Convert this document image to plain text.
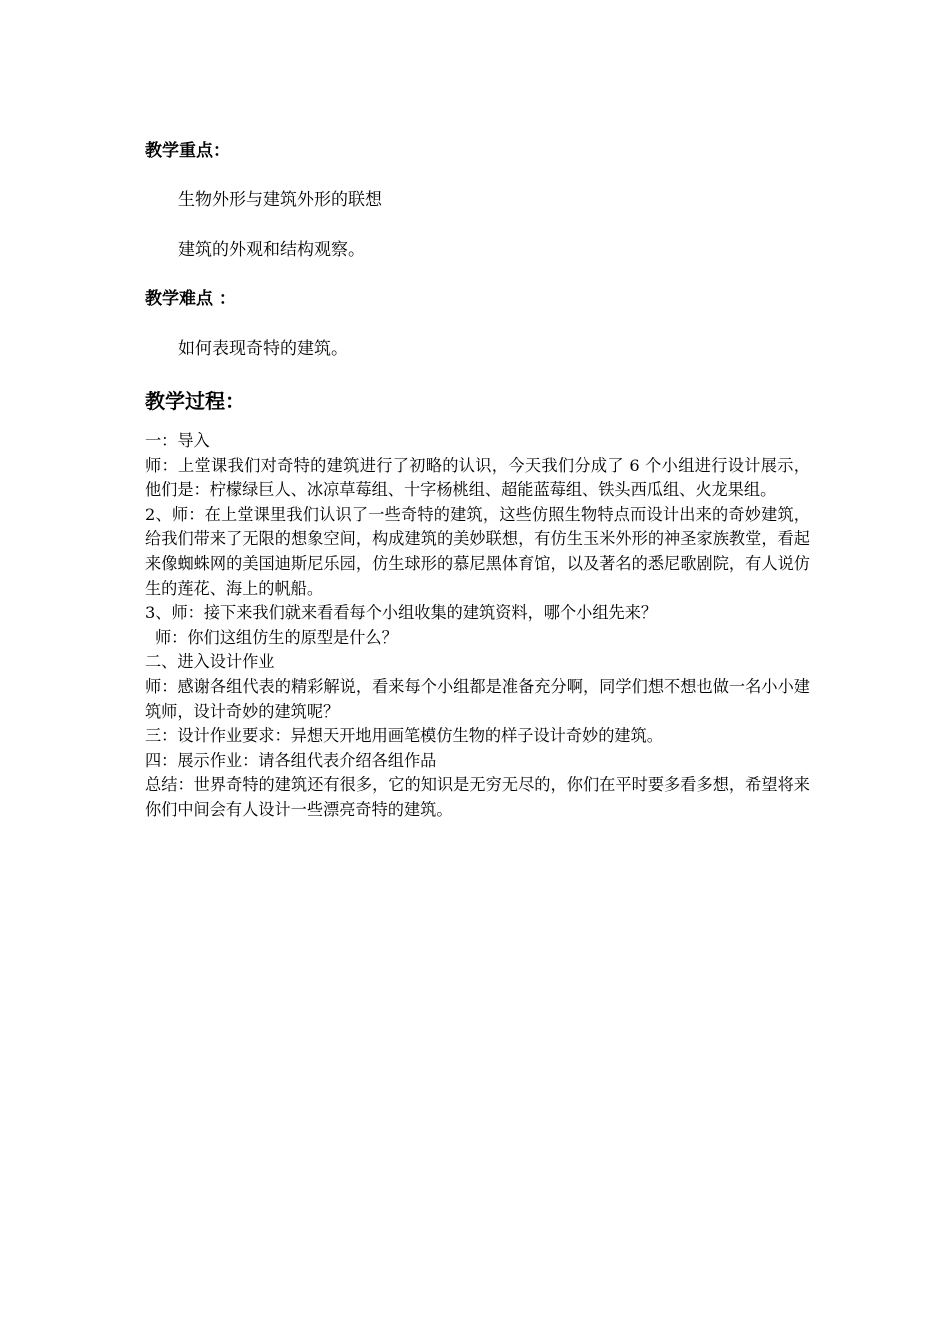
教学重点：

生物外形与建筑外形的联想

建筑的外观和结构观察。

教学难点 ：

如何表现奇特的建筑。

教学过程：

一：导入

师：上堂课我们对奇特的建筑进行了初略的认识，今天我们分成了 6 个小组进行设计展示，他们是：柠檬绿巨人、冰凉草莓组、十字杨桃组、超能蓝莓组、铁头西瓜组、火龙果组。

2、师：在上堂课里我们认识了一些奇特的建筑，这些仿照生物特点而设计出来的奇妙建筑，给我们带来了无限的想象空间，构成建筑的美妙联想，有仿生玉米外形的神圣家族教堂，看起来像蜘蛛网的美国迪斯尼乐园，仿生球形的慕尼黑体育馆，以及著名的悉尼歌剧院，有人说仿生的莲花、海上的帆船。

3、师：接下来我们就来看看每个小组收集的建筑资料，哪个小组先来？

师：你们这组仿生的原型是什么？

二、进入设计作业

师：感谢各组代表的精彩解说，看来每个小组都是准备充分啊，同学们想不想也做一名小小建筑师，设计奇妙的建筑呢？

三：设计作业要求：异想天开地用画笔模仿生物的样子设计奇妙的建筑。

四：展示作业：请各组代表介绍各组作品

总结：世界奇特的建筑还有很多，它的知识是无穷无尽的，你们在平时要多看多想，希望将来你们中间会有人设计一些漂亮奇特的建筑。
